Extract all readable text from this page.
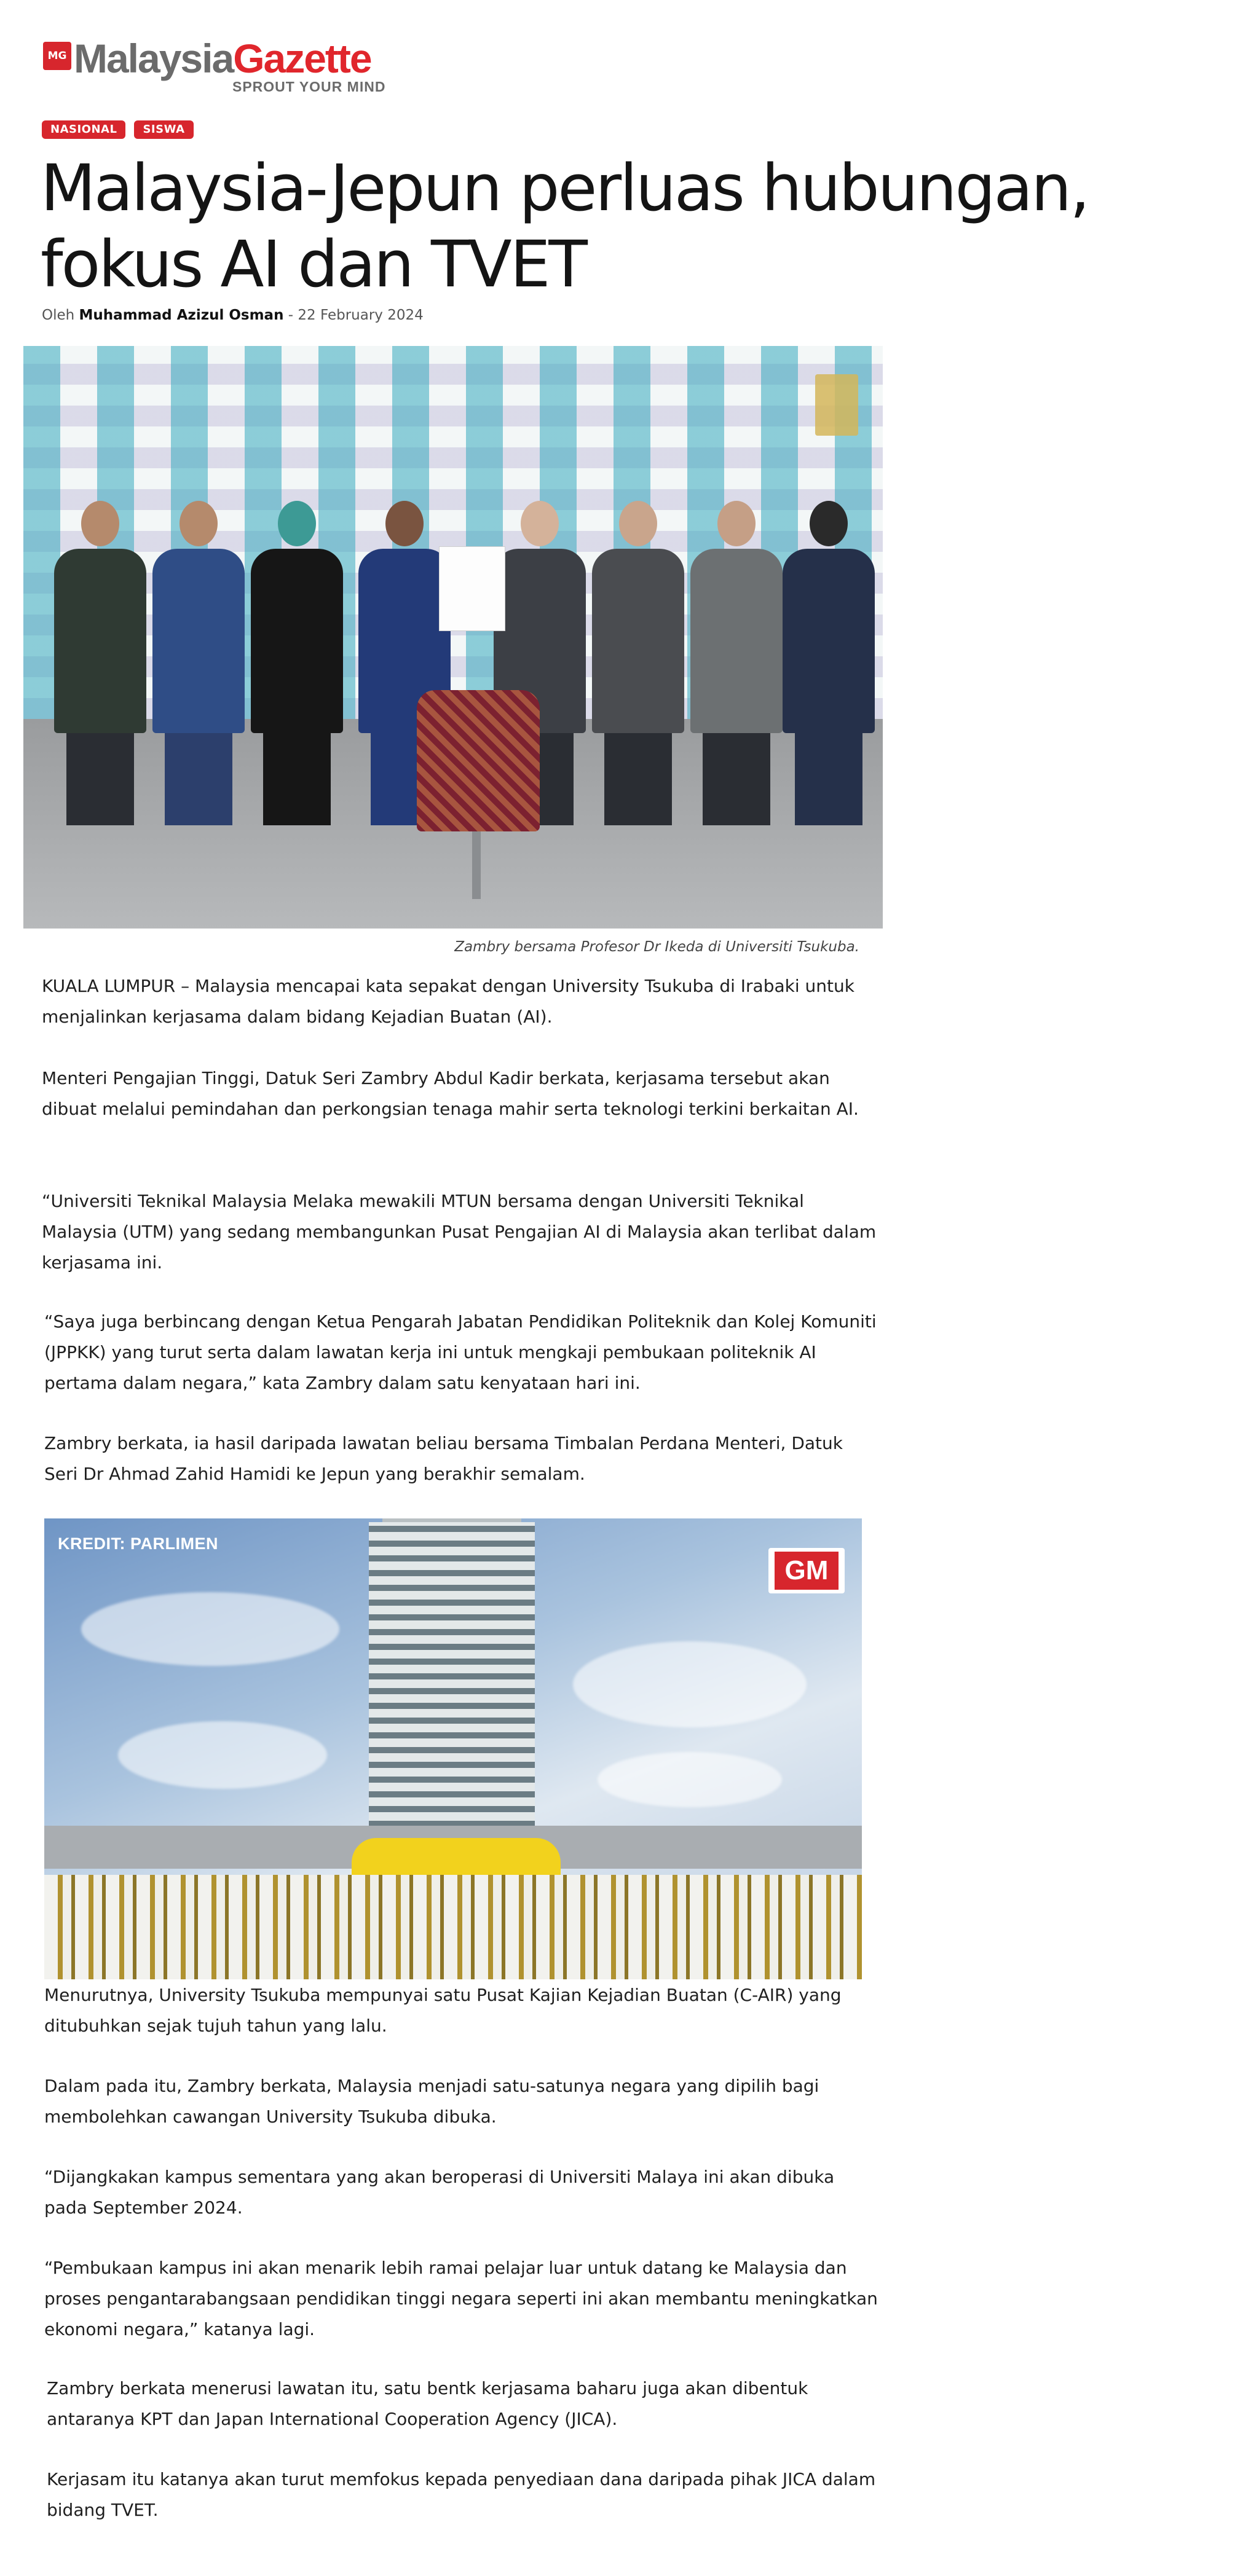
MG MalaysiaGazette
SPROUT YOUR MIND
NASIONAL	SISWA
Malaysia-Jepun perluas hubungan, fokus AI dan TVET
Oleh Muhammad Azizul Osman - 22 February 2024
Zambry bersama Profesor Dr Ikeda di Universiti Tsukuba.

KUALA LUMPUR – Malaysia mencapai kata sepakat dengan University Tsukuba di Irabaki untuk menjalinkan kerjasama dalam bidang Kejadian Buatan (AI).

Menteri Pengajian Tinggi, Datuk Seri Zambry Abdul Kadir berkata, kerjasama tersebut akan dibuat melalui pemindahan dan perkongsian tenaga mahir serta teknologi terkini berkaitan AI.

“Universiti Teknikal Malaysia Melaka mewakili MTUN bersama dengan Universiti Teknikal Malaysia (UTM) yang sedang membangunkan Pusat Pengajian AI di Malaysia akan terlibat dalam kerjasama ini.

“Saya juga berbincang dengan Ketua Pengarah Jabatan Pendidikan Politeknik dan Kolej Komuniti (JPPKK) yang turut serta dalam lawatan kerja ini untuk mengkaji pembukaan politeknik AI pertama dalam negara,” kata Zambry dalam satu kenyataan hari ini.

Zambry berkata, ia hasil daripada lawatan beliau bersama Timbalan Perdana Menteri, Datuk Seri Dr Ahmad Zahid Hamidi ke Jepun yang berakhir semalam.

KREDIT: PARLIMEN
GM

Menurutnya, University Tsukuba mempunyai satu Pusat Kajian Kejadian Buatan (C-AIR) yang ditubuhkan sejak tujuh tahun yang lalu.

Dalam pada itu, Zambry berkata, Malaysia menjadi satu-satunya negara yang dipilih bagi membolehkan cawangan University Tsukuba dibuka.

“Dijangkakan kampus sementara yang akan beroperasi di Universiti Malaya ini akan dibuka pada September 2024.

“Pembukaan kampus ini akan menarik lebih ramai pelajar luar untuk datang ke Malaysia dan proses pengantarabangsaan pendidikan tinggi negara seperti ini akan membantu meningkatkan ekonomi negara,” katanya lagi.

Zambry berkata menerusi lawatan itu, satu bentk kerjasama baharu juga akan dibentuk antaranya KPT dan Japan International Cooperation Agency (JICA).

Kerjasam itu katanya akan turut memfokus kepada penyediaan dana daripada pihak JICA dalam bidang TVET.
